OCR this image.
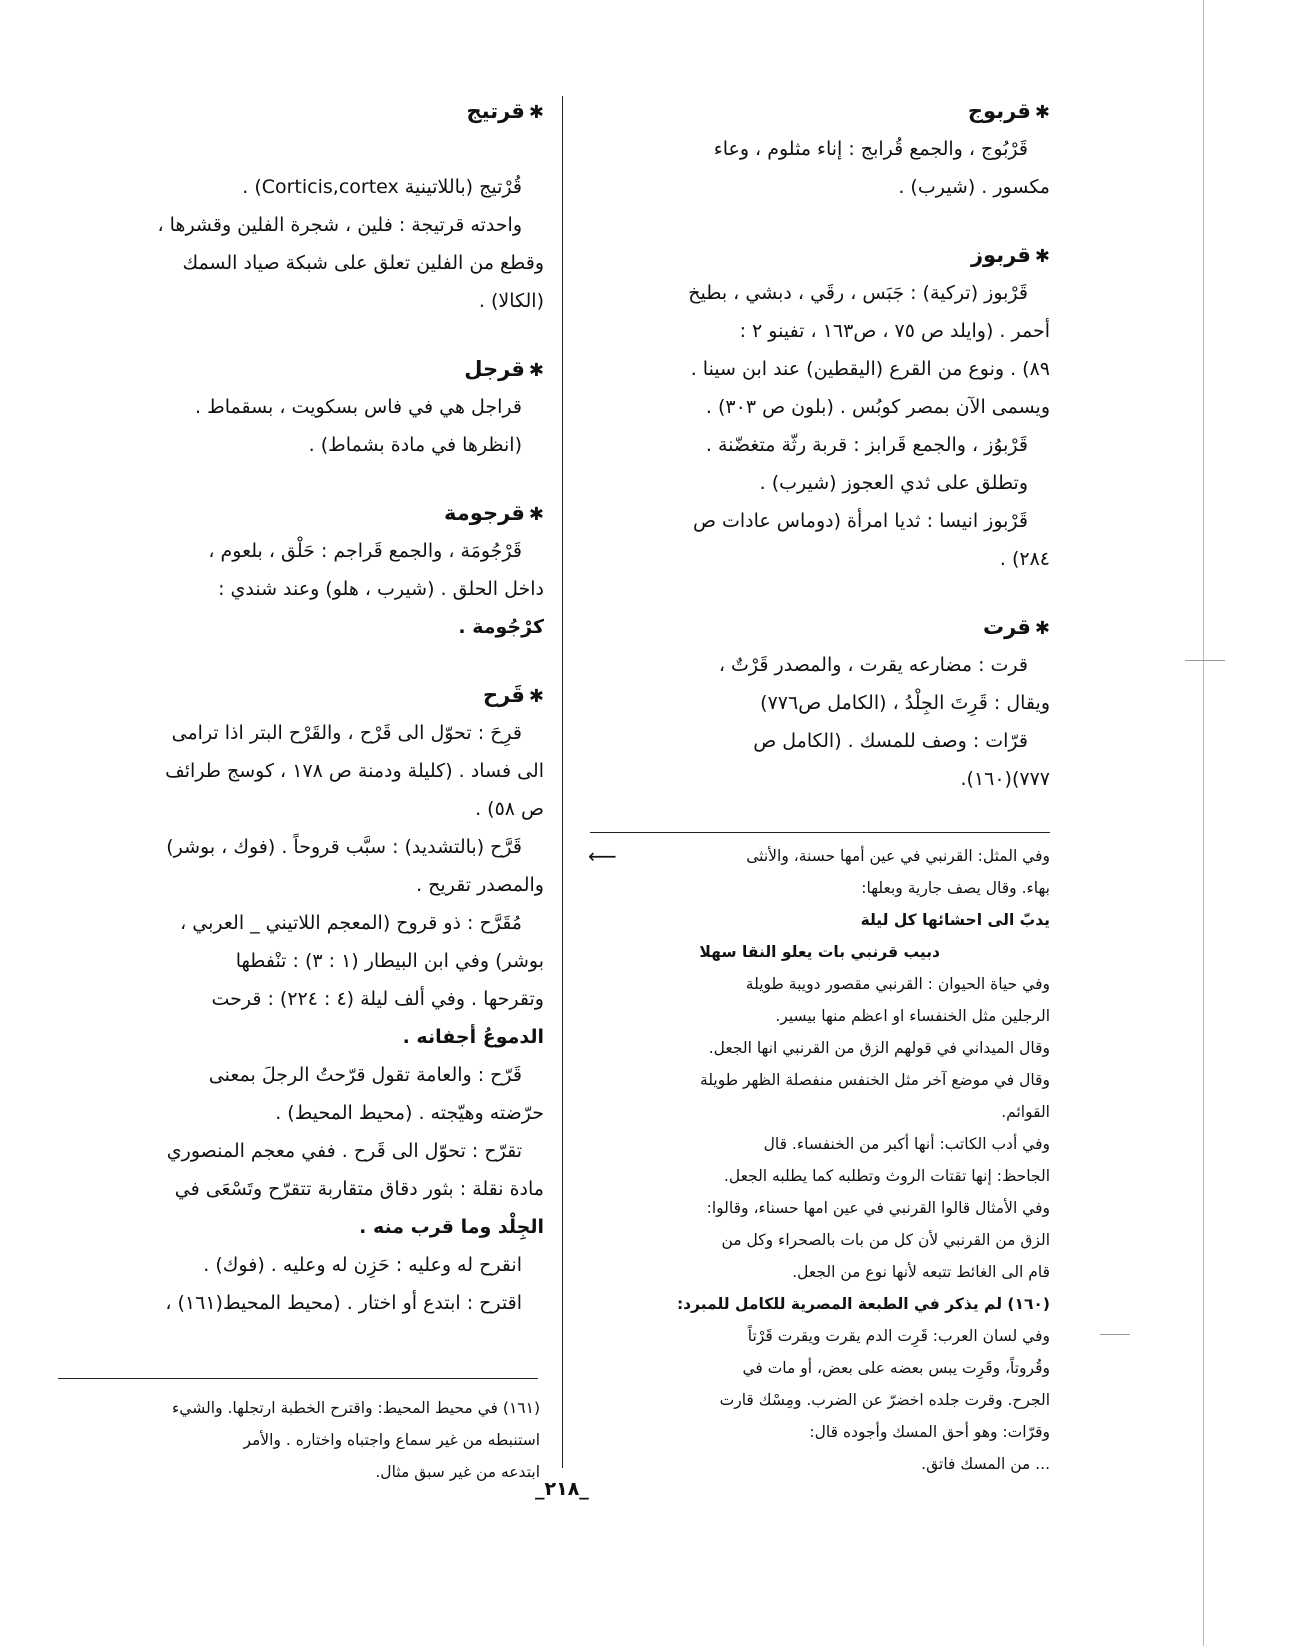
✱قربوج
قَرْبُوج ، والجمع قُرابج : إناء مثلوم ، وعاء
مكسور . (شيرب) .
✱قربوز
قَرْبوز (تركية) : جَبَس ، رقَي ، دبشي ، بطيخ
أحمر . (وايلد ص ٧٥ ، ص١٦٣ ، تفينو ٢ :
٨٩) . ونوع من القرع (اليقطين) عند ابن سينا .
ويسمى الآن بمصر كوبُس . (بلون ص ٣٠٣) .
قَرْبوُز ، والجمع قَرابز : قربة رثّة متغضّنة .
وتطلق على ثدي العجوز (شيرب) .
قَرْبوز انيسا : ثديا امرأة (دوماس عادات ص
٢٨٤) .
✱قرت
قرت : مضارعه يقرت ، والمصدر قَرْتٌ ،
ويقال : قَرِتَ الجِلْدُ ، (الكامل ص٧٧٦)
قرّات : وصف للمسك . (الكامل ص
٧٧٧)(١٦٠).
⟵	وفي المثل: القرنبي في عين أمها حسنة، والأنثى
بهاء. وقال يصف جارية وبعلها:
يدبّ الى احشائها كل ليلة
دبيب قرنبي بات يعلو النقا سهلا
وفي حياة الحيوان : القرنبي مقصور دويبة طويلة
الرجلين مثل الخنفساء او اعظم منها بيسير.
وقال الميداني في قولهم الزق من القرنبي انها الجعل.
وقال في موضع آخر مثل الخنفس منفصلة الظهر طويلة
القوائم.
وفي أدب الكاتب: أنها أكبر من الخنفساء. قال
الجاحظ: إنها تقتات الروث وتطلبه كما يطلبه الجعل.
وفي الأمثال قالوا القرنبي في عين امها حسناء، وقالوا:
الزق من القرنبي لأن كل من بات بالصحراء وكل من
قام الى الغائط تتبعه لأنها نوع من الجعل.
(١٦٠) لم يذكر في الطبعة المصرية للكامل للمبرد:
وفي لسان العرب: قَرِت الدم يقرت ويقرت قَرْتاً
وقُروتاً، وقَرِت يبس بعضه على بعض، أو مات في
الجرح. وقرت جلده اخضرّ عن الضرب. ومِسْك قارت
وقرّات: وهو أحق المسك وأجوده قال:
... من المسك فاتق.
✱قرتيج
قُرْتيج (باللاتينية Corticis,cortex) .
واحدته قرتيجة : فلين ، شجرة الفلين وقشرها ،
وقطع من الفلين تعلق على شبكة صياد السمك
(الكالا) .
✱قرجل
قراجل هي في فاس بسكويت ، بسقماط .
(انظرها في مادة بشماط) .
✱قرجومة
قَرْجُومَة ، والجمع قَراجم : حَلْق ، بلعوم ،
داخل الحلق . (شيرب ، هلو) وعند شندي :
كرْجُومة .
✱قَرح
قرِحَ : تحوّل الى قَرْح ، والقَرْح البتر اذا ترامى
الى فساد . (كليلة ودمنة ص ١٧٨ ، كوسج طرائف
ص ٥٨) .
قَرَّح (بالتشديد) : سبَّب قروحاً . (فوك ، بوشر)
والمصدر تقريح .
مُقَرَّح : ذو قروح (المعجم اللاتيني _ العربي ،
بوشر) وفي ابن البيطار (١ : ٣) : تنْفطها
وتقرحها . وفي ألف ليلة (٤ : ٢٢٤) : قرحت
الدموعُ أجفانه .
قَرّح : والعامة تقول قرّحتُ الرجلَ بمعنى
حرّضته وهيّجته . (محيط المحيط) .
تقرّح : تحوّل الى قَرح . ففي معجم المنصوري
مادة نقلة : بثور دقاق متقاربة تتقرّح وتَسْعَى في
الجِلْد وما قرب منه .
انقرح له وعليه : حَزِن له وعليه . (فوك) .
اقترح : ابتدع أو اختار . (محيط المحيط(١٦١) ،
(١٦١) في محيط المحيط: واقترح الخطبة ارتجلها. والشيء
استنبطه من غير سماع واجتباه واختاره . والأمر
ابتدعه من غير سبق مثال.
_٢١٨_
